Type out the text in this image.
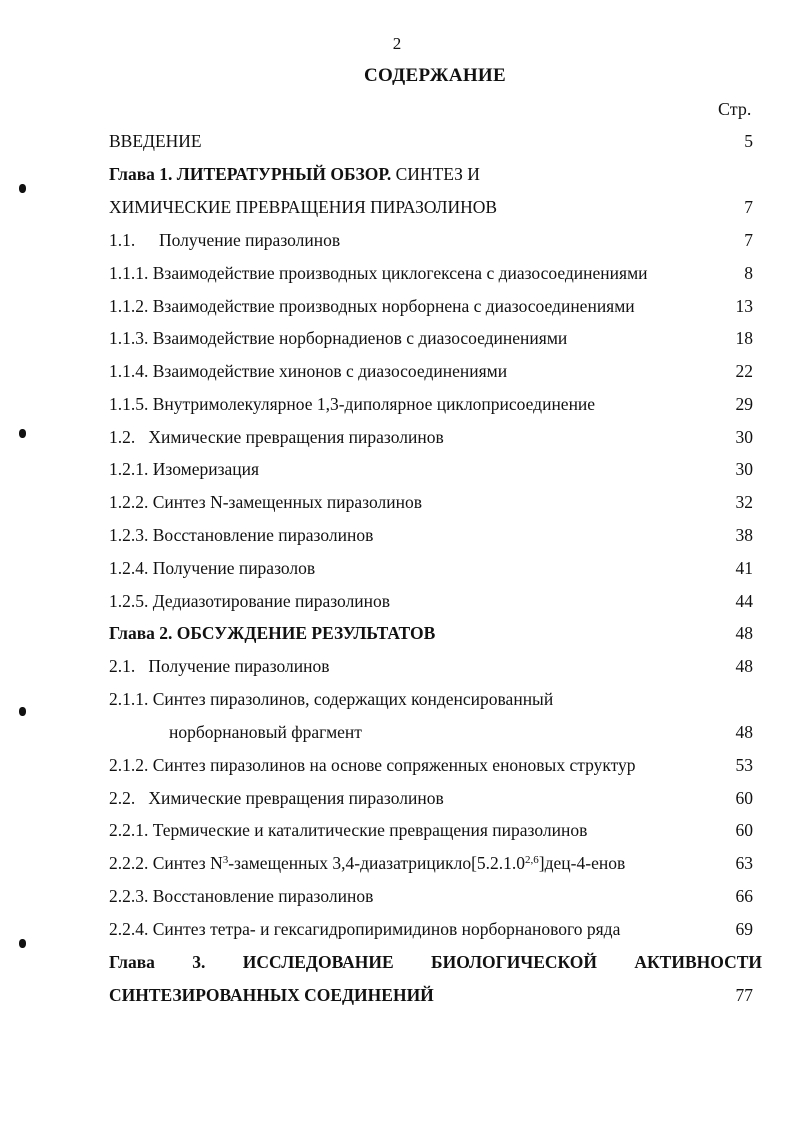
2
СОДЕРЖАНИЕ
Стр.
ВВЕДЕНИЕ	5
Глава 1. ЛИТЕРАТУРНЫЙ ОБЗОР. СИНТЕЗ И
ХИМИЧЕСКИЕ ПРЕВРАЩЕНИЯ ПИРАЗОЛИНОВ	7
1.1. Получение пиразолинов	7
1.1.1. Взаимодействие производных циклогексена с диазосоединениями	8
1.1.2. Взаимодействие производных норборнена с диазосоединениями	13
1.1.3. Взаимодействие норборнадиенов с диазосоединениями	18
1.1.4. Взаимодействие хинонов с диазосоединениями	22
1.1.5. Внутримолекулярное 1,3-диполярное циклоприсоединение	29
1.2.   Химические превращения пиразолинов	30
1.2.1. Изомеризация	30
1.2.2. Синтез N-замещенных пиразолинов	32
1.2.3. Восстановление пиразолинов	38
1.2.4. Получение пиразолов	41
1.2.5. Дедиазотирование пиразолинов	44
Глава 2. ОБСУЖДЕНИЕ РЕЗУЛЬТАТОВ	48
2.1.   Получение пиразолинов	48
2.1.1. Синтез пиразолинов, содержащих конденсированный
норборнановый фрагмент	48
2.1.2. Синтез пиразолинов на основе сопряженных еноновых структур	53
2.2.   Химические превращения пиразолинов	60
2.2.1. Термические и каталитические превращения пиразолинов	60
2.2.2. Синтез $N^3$-замещенных 3,4-диазатрицикло[5.2.1.0$^{2,6}$]дец-4-енов	63
2.2.3. Восстановление пиразолинов	66
2.2.4. Синтез тетра- и гексагидропиримидинов норборнанового ряда	69
Глава 3. ИССЛЕДОВАНИЕ БИОЛОГИЧЕСКОЙ АКТИВНОСТИ
СИНТЕЗИРОВАННЫХ СОЕДИНЕНИЙ	77
